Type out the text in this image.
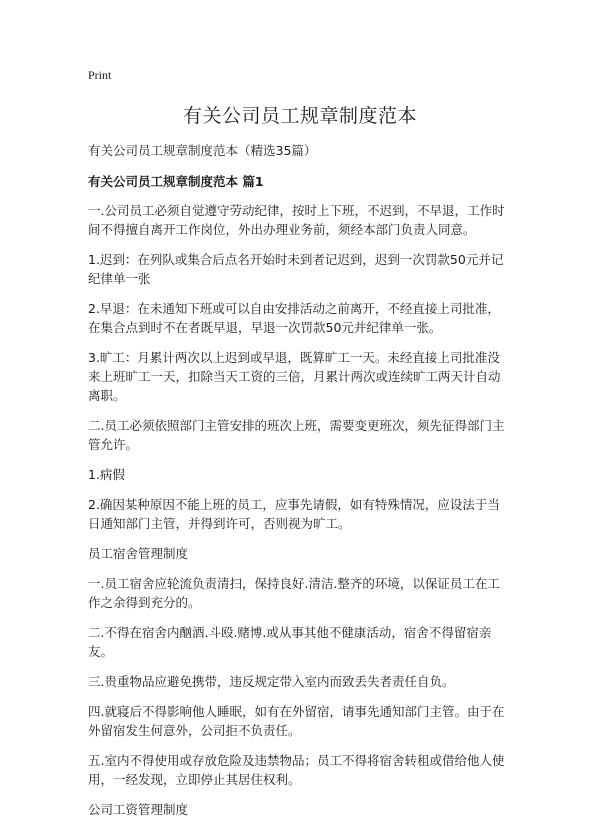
Print
有关公司员工规章制度范本

有关公司员工规章制度范本（精选35篇）

有关公司员工规章制度范本 篇1

一.公司员工必须自觉遵守劳动纪律，按时上下班，不迟到，不早退，工作时间不得擅自离开工作岗位，外出办理业务前，须经本部门负责人同意。

1.迟到：在列队或集合后点名开始时未到者记迟到，迟到一次罚款50元并记纪律单一张

2.早退：在未通知下班或可以自由安排活动之前离开，不经直接上司批准，在集合点到时不在者既早退，早退一次罚款50元并纪律单一张。

3.旷工：月累计两次以上迟到或早退，既算旷工一天。未经直接上司批准没来上班旷工一天，扣除当天工资的三倍，月累计两次或连续旷工两天计自动离职。

二.员工必须依照部门主管安排的班次上班，需要变更班次，须先征得部门主管允许。

1.病假

2.确因某种原因不能上班的员工，应事先请假，如有特殊情况，应设法于当日通知部门主管，并得到许可，否则视为旷工。

员工宿舍管理制度

一.员工宿舍应轮流负责清扫，保持良好.清洁.整齐的环境，以保证员工在工作之余得到充分的。

二.不得在宿舍内酗酒.斗殴.赌博.或从事其他不健康活动，宿舍不得留宿亲友。

三.贵重物品应避免携带，违反规定带入室内而致丢失者责任自负。

四.就寝后不得影响他人睡眠，如有在外留宿，请事先通知部门主管。由于在外留宿发生何意外，公司拒不负责任。

五.室内不得使用或存放危险及违禁物品；员工不得将宿舍转租或借给他人使用，一经发现，立即停止其居住权利。

公司工资管理制度
